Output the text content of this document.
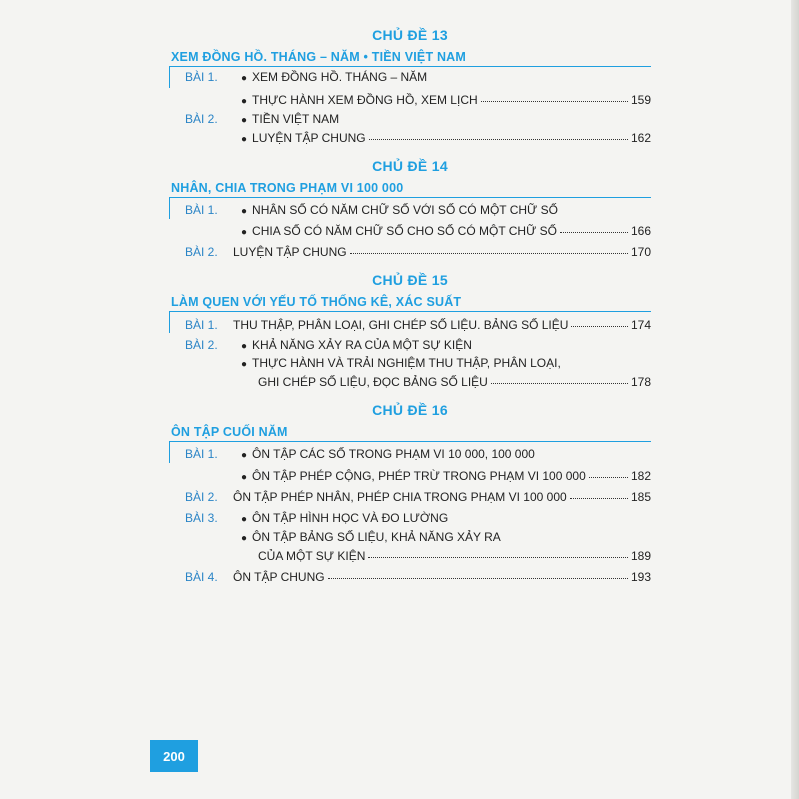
CHỦ ĐỀ 13
XEM ĐỒNG HỒ. THÁNG – NĂM • TIỀN VIỆT NAM
BÀI 1. ● XEM ĐỒNG HỒ. THÁNG – NĂM
● THỰC HÀNH XEM ĐỒNG HỒ, XEM LỊCH	159
BÀI 2. ● TIỀN VIỆT NAM
● LUYỆN TẬP CHUNG	162
CHỦ ĐỀ 14
NHÂN, CHIA TRONG PHẠM VI 100 000
BÀI 1. ● NHÂN SỐ CÓ NĂM CHỮ SỐ VỚI SỐ CÓ MỘT CHỮ SỐ
● CHIA SỐ CÓ NĂM CHỮ SỐ CHO SỐ CÓ MỘT CHỮ SỐ	166
BÀI 2. LUYỆN TẬP CHUNG	170
CHỦ ĐỀ 15
LÀM QUEN VỚI YẾU TỐ THỐNG KÊ, XÁC SUẤT
BÀI 1. THU THẬP, PHÂN LOẠI, GHI CHÉP SỐ LIỆU. BẢNG SỐ LIỆU	174
BÀI 2. ● KHẢ NĂNG XẢY RA CỦA MỘT SỰ KIỆN
● THỰC HÀNH VÀ TRẢI NGHIỆM THU THẬP, PHÂN LOẠI,
GHI CHÉP SỐ LIỆU, ĐỌC BẢNG SỐ LIỆU	178
CHỦ ĐỀ 16
ÔN TẬP CUỐI NĂM
BÀI 1. ● ÔN TẬP CÁC SỐ TRONG PHẠM VI 10 000, 100 000
● ÔN TẬP PHÉP CỘNG, PHÉP TRỪ TRONG PHẠM VI 100 000	182
BÀI 2. ÔN TẬP PHÉP NHÂN, PHÉP CHIA TRONG PHẠM VI 100 000	185
BÀI 3. ● ÔN TẬP HÌNH HỌC VÀ ĐO LƯỜNG
● ÔN TẬP BẢNG SỐ LIỆU, KHẢ NĂNG XẢY RA
CỦA MỘT SỰ KIỆN	189
BÀI 4. ÔN TẬP CHUNG	193
200
